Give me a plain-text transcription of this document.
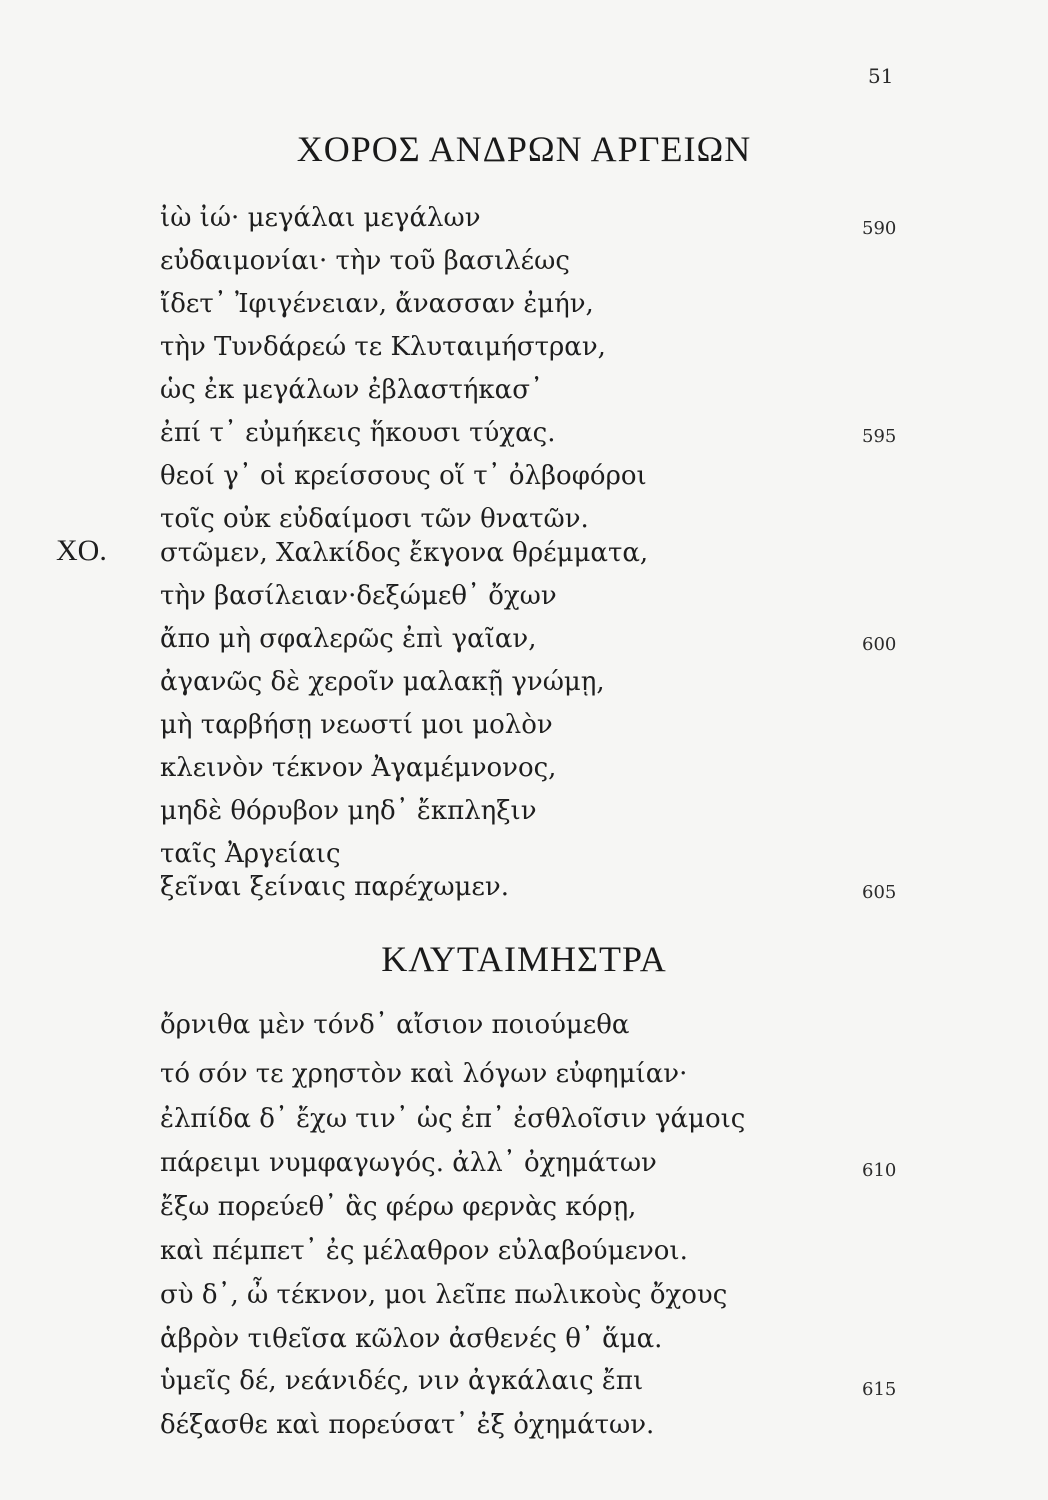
51
ΧΟΡΟΣ ΑΝΔΡΩΝ ΑΡΓΕΙΩΝ
ἰὼ ἰώ· μεγάλαι μεγάλων
εὐδαιμονίαι· τὴν τοῦ βασιλέως
ἴδετ᾽ Ἰφιγένειαν, ἄνασσαν ἐμήν,
τὴν Τυνδάρεώ τε Κλυταιμήστραν,
ὡς ἐκ μεγάλων ἐβλαστήκασ᾽
ἐπί τ᾽ εὐμήκεις ἥκουσι τύχας.
θεοί γ᾽ οἱ κρείσσους οἵ τ᾽ ὀλβοφόροι
τοῖς οὐκ εὐδαίμοσι τῶν θνατῶν.
ΧΟ. στῶμεν, Χαλκίδος ἔκγονα θρέμματα,
τὴν βασίλειαν·δεξώμεθ᾽ ὄχων
ἄπο μὴ σφαλερῶς ἐπὶ γαῖαν,
ἀγανῶς δὲ χεροῖν μαλακῇ γνώμῃ,
μὴ ταρβήσῃ νεωστί μοι μολὸν
κλεινὸν τέκνον Ἀγαμέμνονος,
μηδὲ θόρυβον μηδ᾽ ἔκπληξιν
ταῖς Ἀργείαις
ξεῖναι ξείναις παρέχωμεν.
ΚΛΥΤΑΙΜΗΣΤΡΑ
ὄρνιθα μὲν τόνδ᾽ αἴσιον ποιούμεθα
τό σόν τε χρηστὸν καὶ λόγων εὐφημίαν·
ἐλπίδα δ᾽ ἔχω τιν᾽ ὡς ἐπ᾽ ἐσθλοῖσιν γάμοις
πάρειμι νυμφαγωγός. ἀλλ᾽ ὀχημάτων
ἔξω πορεύεθ᾽ ἃς φέρω φερνὰς κόρῃ,
καὶ πέμπετ᾽ ἐς μέλαθρον εὐλαβούμενοι.
σὺ δ᾽, ὦ τέκνον, μοι λεῖπε πωλικοὺς ὄχους
ἁβρὸν τιθεῖσα κῶλον ἀσθενές θ᾽ ἅμα.
ὑμεῖς δέ, νεάνιδές, νιν ἀγκάλαις ἔπι
δέξασθε καὶ πορεύσατ᾽ ἐξ ὀχημάτων.
590
595
600
605
610
615
